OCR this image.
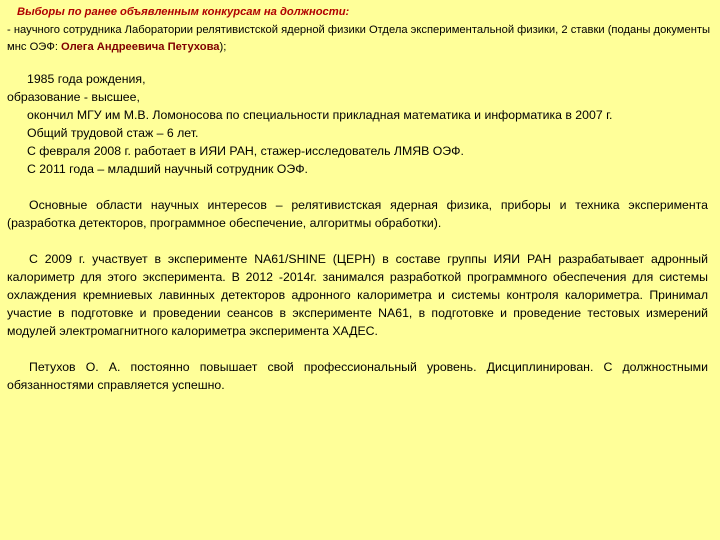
Выборы по ранее объявленным конкурсам на должности:
- научного сотрудника Лаборатории релятивистской ядерной физики Отдела экспериментальной физики, 2 ставки (поданы документы мнс ОЭФ: Олега Андреевича Петухова);

1985 года рождения,

образование - высшее,

окончил МГУ им М.В. Ломоносова по специальности прикладная математика и информатика в 2007 г.

Общий трудовой стаж – 6 лет.

С февраля 2008 г. работает в ИЯИ РАН, стажер-исследователь ЛМЯВ ОЭФ.

С 2011 года – младший научный сотрудник ОЭФ.

Основные области научных интересов – релятивистская ядерная физика, приборы и техника эксперимента (разработка детекторов, программное обеспечение, алгоритмы обработки).

С 2009 г. участвует в эксперименте NA61/SHINE (ЦЕРН) в составе группы ИЯИ РАН разрабатывает адронный калориметр для этого эксперимента. В 2012 -2014г. занимался разработкой программного обеспечения для системы охлаждения кремниевых лавинных детекторов адронного калориметра и системы контроля калориметра. Принимал участие в подготовке и проведении сеансов в эксперименте NA61, в подготовке и проведение тестовых измерений модулей электромагнитного калориметра эксперимента ХАДЕС.

Петухов О. А. постоянно повышает свой профессиональный уровень. Дисциплинирован. С должностными обязанностями справляется успешно.
